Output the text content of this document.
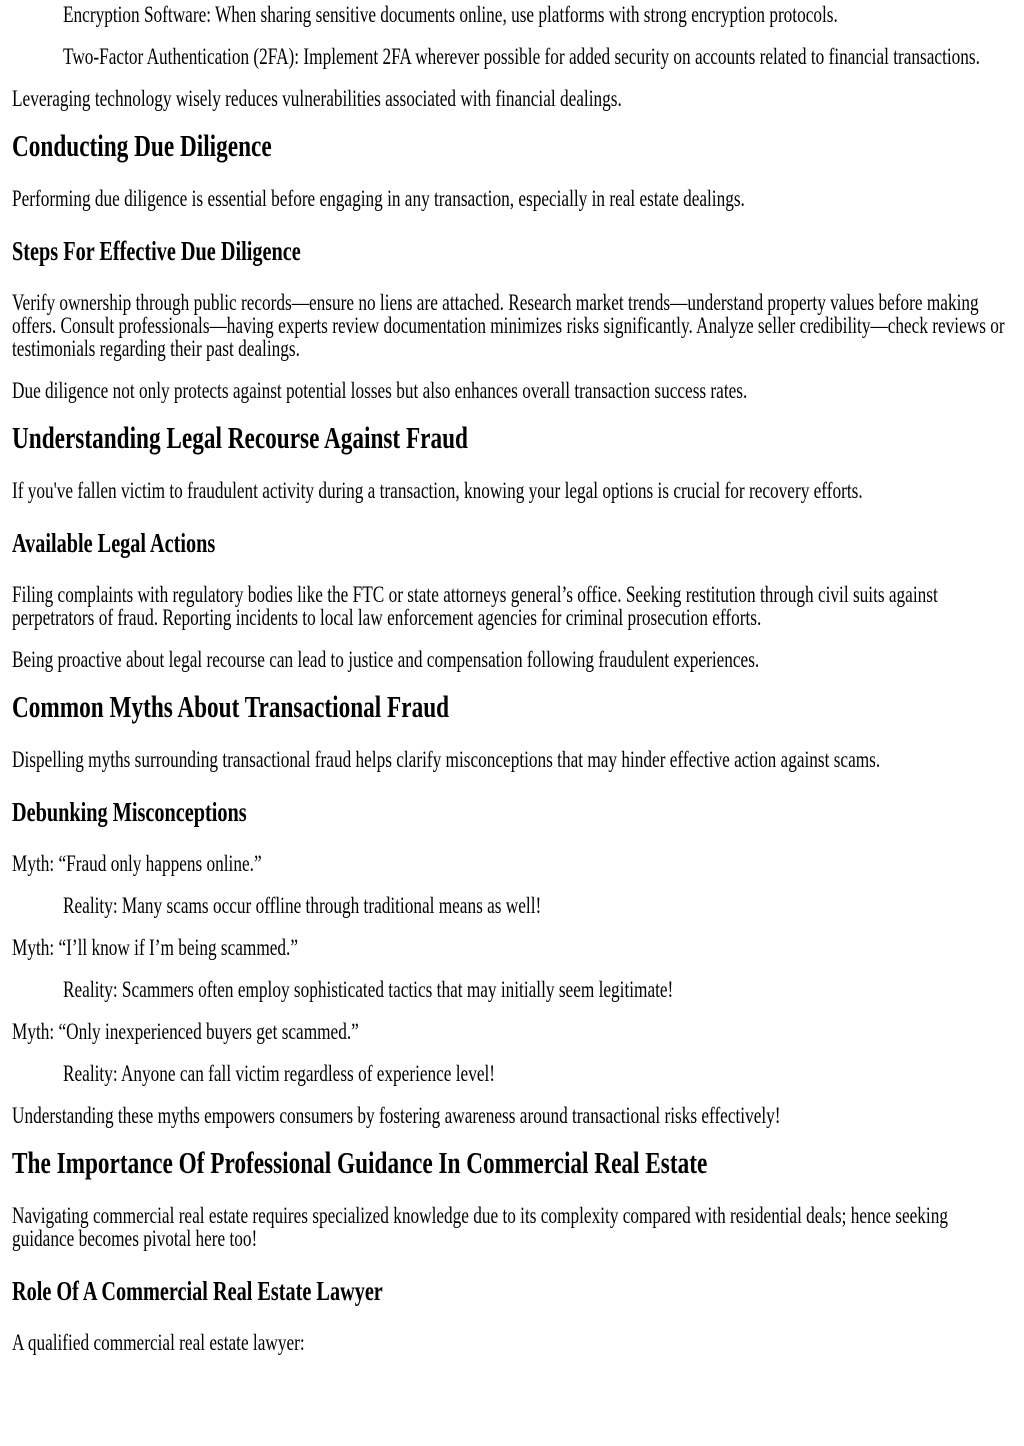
Encryption Software: When sharing sensitive documents online, use platforms with strong encryption protocols.

Two-Factor Authentication (2FA): Implement 2FA wherever possible for added security on accounts related to financial transactions.

Leveraging technology wisely reduces vulnerabilities associated with financial dealings.

Conducting Due Diligence

Performing due diligence is essential before engaging in any transaction, especially in real estate dealings.

Steps For Effective Due Diligence

Verify ownership through public records—ensure no liens are attached. Research market trends—understand property values before making offers. Consult professionals—having experts review documentation minimizes risks significantly. Analyze seller credibility—check reviews or testimonials regarding their past dealings.

Due diligence not only protects against potential losses but also enhances overall transaction success rates.

Understanding Legal Recourse Against Fraud

If you've fallen victim to fraudulent activity during a transaction, knowing your legal options is crucial for recovery efforts.

Available Legal Actions

Filing complaints with regulatory bodies like the FTC or state attorneys general’s office. Seeking restitution through civil suits against perpetrators of fraud. Reporting incidents to local law enforcement agencies for criminal prosecution efforts.

Being proactive about legal recourse can lead to justice and compensation following fraudulent experiences.

Common Myths About Transactional Fraud

Dispelling myths surrounding transactional fraud helps clarify misconceptions that may hinder effective action against scams.

Debunking Misconceptions

Myth: “Fraud only happens online.”

Reality: Many scams occur offline through traditional means as well!

Myth: “I’ll know if I’m being scammed.”

Reality: Scammers often employ sophisticated tactics that may initially seem legitimate!

Myth: “Only inexperienced buyers get scammed.”

Reality: Anyone can fall victim regardless of experience level!

Understanding these myths empowers consumers by fostering awareness around transactional risks effectively!

The Importance Of Professional Guidance In Commercial Real Estate

Navigating commercial real estate requires specialized knowledge due to its complexity compared with residential deals; hence seeking guidance becomes pivotal here too!

Role Of A Commercial Real Estate Lawyer

A qualified commercial real estate lawyer:
